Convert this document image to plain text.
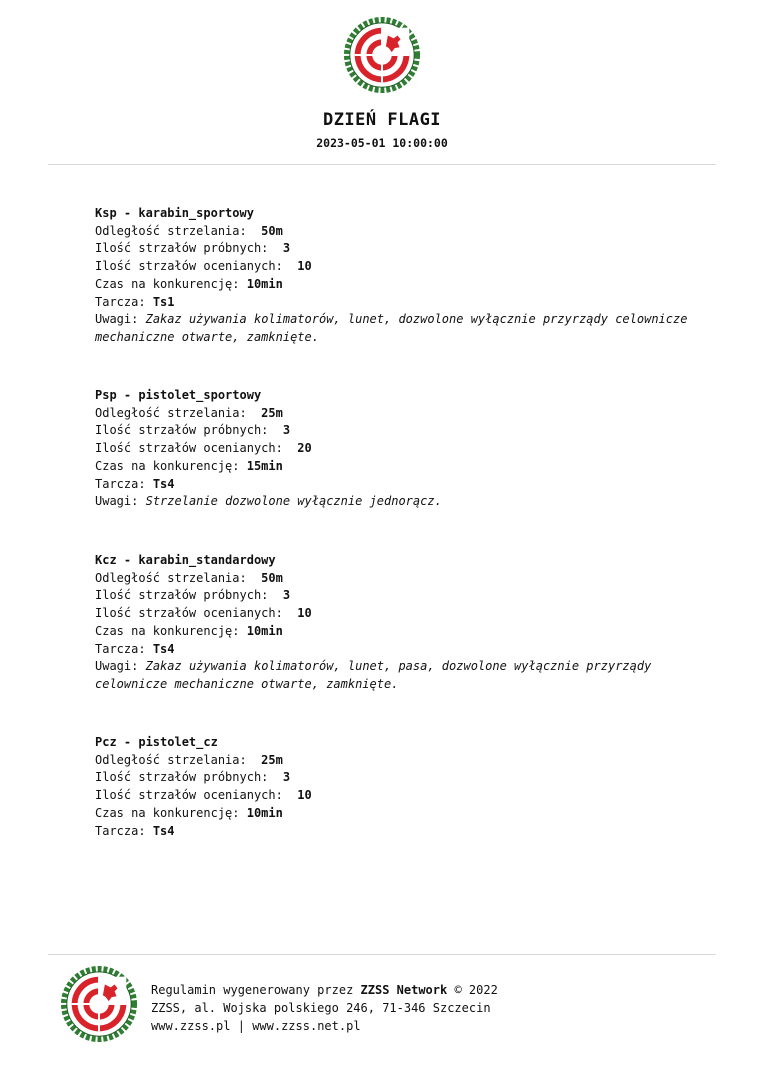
DZIEŃ FLAGI
2023-05-01 10:00:00
Ksp - karabin_sportowy
Odległość strzelania: 50m
Ilość strzałów próbnych: 3
Ilość strzałów ocenianych: 10
Czas na konkurencję: 10min
Tarcza: Ts1
Uwagi: Zakaz używania kolimatorów, lunet, dozwolone wyłącznie przyrządy celownicze mechaniczne otwarte, zamknięte.
Psp - pistolet_sportowy
Odległość strzelania: 25m
Ilość strzałów próbnych: 3
Ilość strzałów ocenianych: 20
Czas na konkurencję: 15min
Tarcza: Ts4
Uwagi: Strzelanie dozwolone wyłącznie jednorącz.
Kcz - karabin_standardowy
Odległość strzelania: 50m
Ilość strzałów próbnych: 3
Ilość strzałów ocenianych: 10
Czas na konkurencję: 10min
Tarcza: Ts4
Uwagi: Zakaz używania kolimatorów, lunet, pasa, dozwolone wyłącznie przyrządy celownicze mechaniczne otwarte, zamknięte.
Pcz - pistolet_cz
Odległość strzelania: 25m
Ilość strzałów próbnych: 3
Ilość strzałów ocenianych: 10
Czas na konkurencję: 10min
Tarcza: Ts4
Regulamin wygenerowany przez ZZSS Network © 2022
ZZSS, al. Wojska polskiego 246, 71-346 Szczecin
www.zzss.pl | www.zzss.net.pl
